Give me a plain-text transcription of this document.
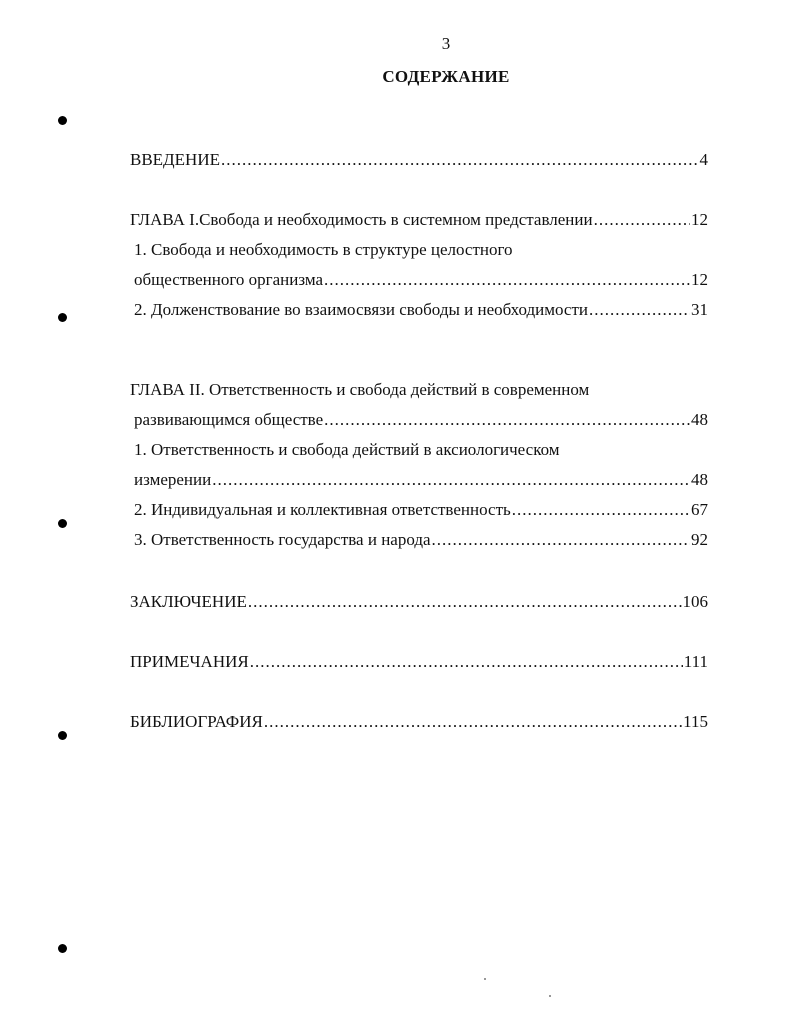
3
СОДЕРЖАНИЕ
ВВЕДЕНИЕ .....	4
ГЛАВА I.Свобода и необходимость в системном представлении .....	12
1. Свобода и необходимость в структуре целостного
общественного организма .....	12
2. Долженствование во взаимосвязи свободы и необходимости .....	31
ГЛАВА II. Ответственность и свобода действий в современном
развивающимся обществе .....	48
1. Ответственность и свобода действий в аксиологическом
измерении .....	48
2. Индивидуальная и коллективная ответственность .....	67
3. Ответственность государства и народа .....	92
ЗАКЛЮЧЕНИЕ .....	106
ПРИМЕЧАНИЯ .....	111
БИБЛИОГРАФИЯ .....	115
